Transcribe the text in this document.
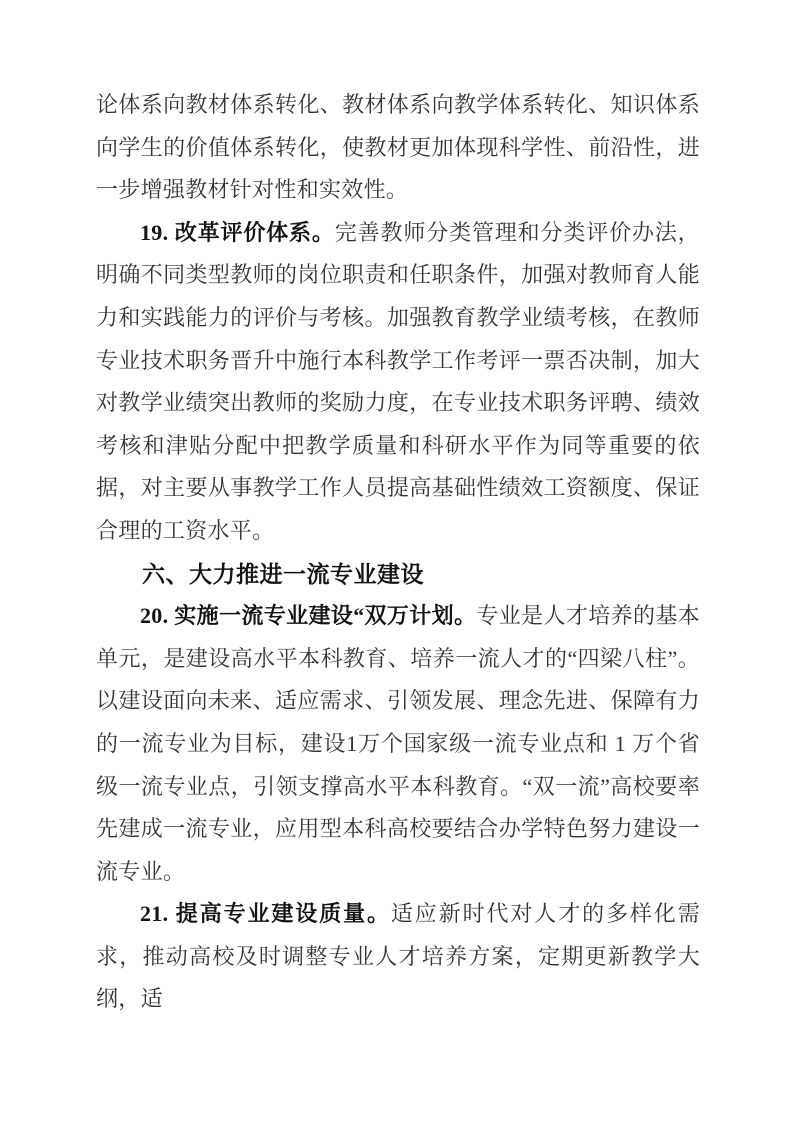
论体系向教材体系转化、教材体系向教学体系转化、知识体系向学生的价值体系转化，使教材更加体现科学性、前沿性，进一步增强教材针对性和实效性。

19. 改革评价体系。完善教师分类管理和分类评价办法，明确不同类型教师的岗位职责和任职条件，加强对教师育人能力和实践能力的评价与考核。加强教育教学业绩考核，在教师专业技术职务晋升中施行本科教学工作考评一票否决制，加大对教学业绩突出教师的奖励力度，在专业技术职务评聘、绩效考核和津贴分配中把教学质量和科研水平作为同等重要的依据，对主要从事教学工作人员提高基础性绩效工资额度、保证合理的工资水平。

六、大力推进一流专业建设

20. 实施一流专业建设“双万计划。专业是人才培养的基本单元，是建设高水平本科教育、培养一流人才的“四梁八柱”。以建设面向未来、适应需求、引领发展、理念先进、保障有力的一流专业为目标，建设1万个国家级一流专业点和 1 万个省级一流专业点，引领支撑高水平本科教育。“双一流”高校要率先建成一流专业，应用型本科高校要结合办学特色努力建设一流专业。

21. 提高专业建设质量。适应新时代对人才的多样化需求，推动高校及时调整专业人才培养方案，定期更新教学大纲，适
